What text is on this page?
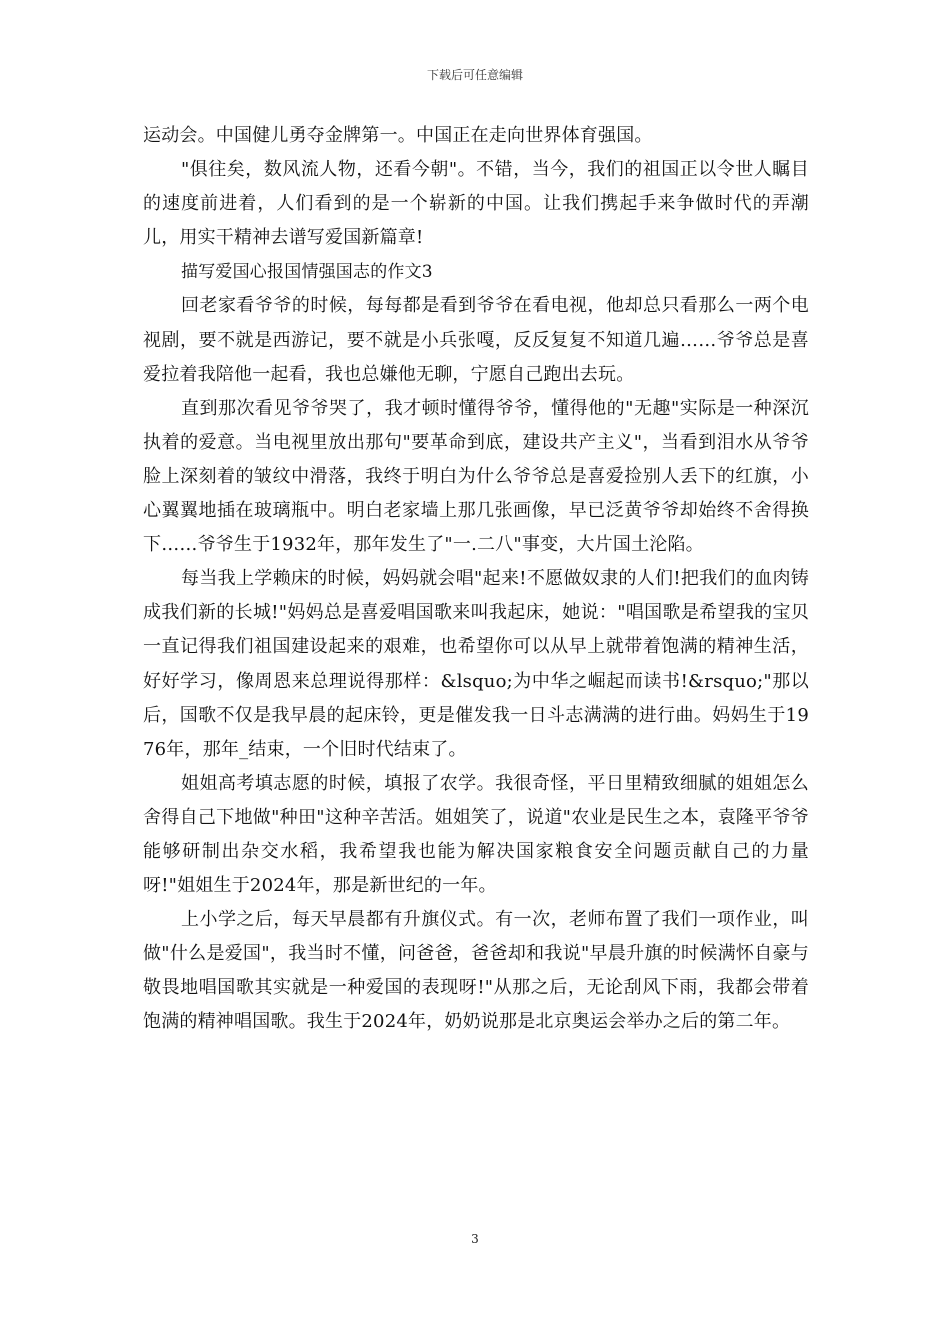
下载后可任意编辑

运动会。中国健儿勇夺金牌第一。中国正在走向世界体育强国。

"俱往矣，数风流人物，还看今朝"。不错，当今，我们的祖国正以令世人瞩目的速度前进着，人们看到的是一个崭新的中国。让我们携起手来争做时代的弄潮儿，用实干精神去谱写爱国新篇章!

描写爱国心报国情强国志的作文3

回老家看爷爷的时候，每每都是看到爷爷在看电视，他却总只看那么一两个电视剧，要不就是西游记，要不就是小兵张嘎，反反复复不知道几遍……爷爷总是喜爱拉着我陪他一起看，我也总嫌他无聊，宁愿自己跑出去玩。

直到那次看见爷爷哭了，我才顿时懂得爷爷，懂得他的"无趣"实际是一种深沉执着的爱意。当电视里放出那句"要革命到底，建设共产主义"，当看到泪水从爷爷脸上深刻着的皱纹中滑落，我终于明白为什么爷爷总是喜爱捡别人丢下的红旗，小心翼翼地插在玻璃瓶中。明白老家墙上那几张画像，早已泛黄爷爷却始终不舍得换下……爷爷生于1932年，那年发生了"一.二八"事变，大片国土沦陷。

每当我上学赖床的时候，妈妈就会唱"起来!不愿做奴隶的人们!把我们的血肉铸成我们新的长城!"妈妈总是喜爱唱国歌来叫我起床，她说："唱国歌是希望我的宝贝一直记得我们祖国建设起来的艰难，也希望你可以从早上就带着饱满的精神生活，好好学习，像周恩来总理说得那样：&lsquo;为中华之崛起而读书!&rsquo;"那以后，国歌不仅是我早晨的起床铃，更是催发我一日斗志满满的进行曲。妈妈生于1976年，那年_结束，一个旧时代结束了。

姐姐高考填志愿的时候，填报了农学。我很奇怪，平日里精致细腻的姐姐怎么舍得自己下地做"种田"这种辛苦活。姐姐笑了，说道"农业是民生之本，袁隆平爷爷能够研制出杂交水稻，我希望我也能为解决国家粮食安全问题贡献自己的力量呀!"姐姐生于2024年，那是新世纪的一年。

上小学之后，每天早晨都有升旗仪式。有一次，老师布置了我们一项作业，叫做"什么是爱国"，我当时不懂，问爸爸，爸爸却和我说"早晨升旗的时候满怀自豪与敬畏地唱国歌其实就是一种爱国的表现呀!"从那之后，无论刮风下雨，我都会带着饱满的精神唱国歌。我生于2024年，奶奶说那是北京奥运会举办之后的第二年。

3
